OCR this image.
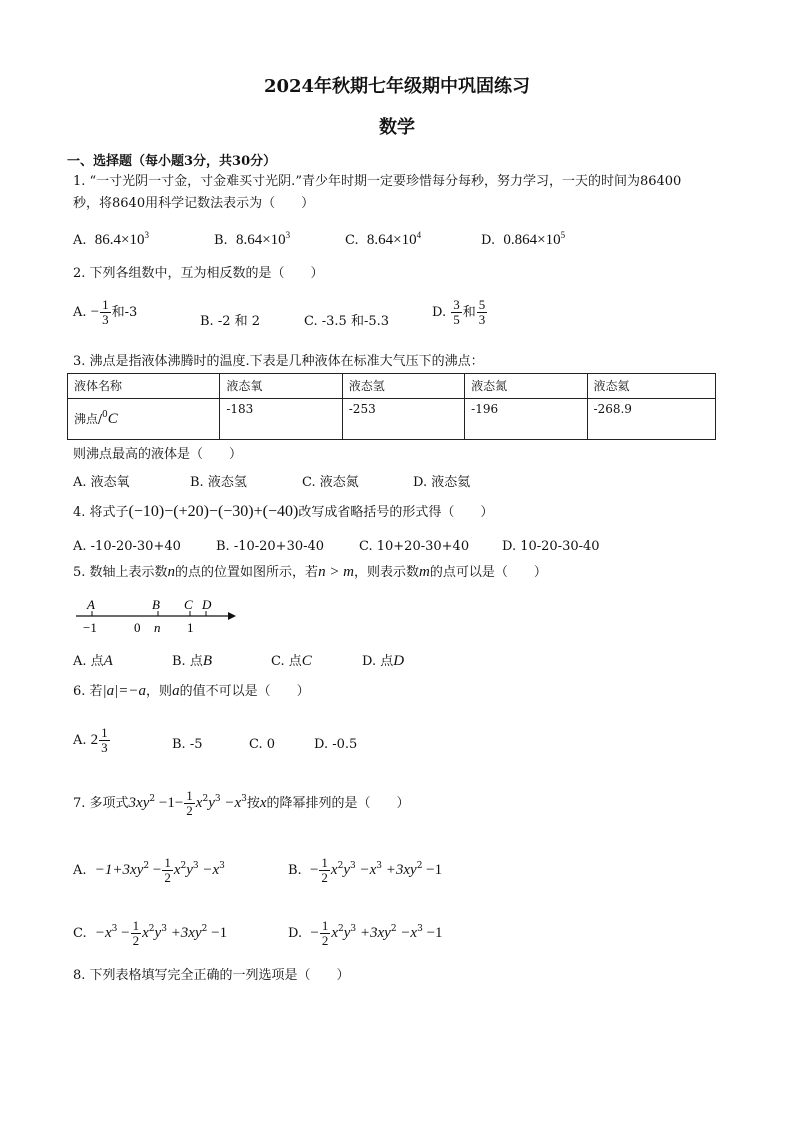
2024年秋期七年级期中巩固练习
数学
一、选择题（每小题3分，共30分）
1. “一寸光阴一寸金，寸金难买寸光阴.”青少年时期一定要珍惜每分每秒，努力学习，一天的时间为86400
秒，将8640用科学记数法表示为（　　）
A. $86.4\times 10^3$	B. $8.64\times 10^3$	C. $8.64\times 10^4$	D. $0.864\times 10^5$
2. 下列各组数中，互为相反数的是（　　）
A. − $\frac{1}{3}$ 和-3
B. -2 和 2	C. -3.5 和-5.3
D. $\frac{3}{5}$ 和 $\frac{5}{3}$
3. 沸点是指液体沸腾时的温度.下表是几种液体在标准大气压下的沸点：
液体名称	液态氧	液态氢	液态氮	液态氦
沸点/$^0$C	-183	-253	-196	-268.9
则沸点最高的液体是（　　）
A. 液态氧	B. 液态氢	C. 液态氮	D. 液态氦
4. 将式子(−10)−(+20)−(−30)+(−40)改写成省略括号的形式得（　　）
A. -10-20-30+40	B. -10-20+30-40	C. 10+20-30+40	D. 10-20-30-40
5. 数轴上表示数n的点的位置如图所示，若n > m，则表示数m的点可以是（　　）
A	B C D
−1	0 n 1
A. 点A	B. 点B	C. 点C	D. 点D
6. 若|a|=−a，则a的值不可以是（　　）
A. $2 \frac{1}{3}$	B. -5	C. 0	D. -0.5
7. 多项式$3xy^2 -1- \frac{1}{2} x^2y^3 -x^3$按x的降幂排列的是（　　）
A. $-1+3xy^2 - \frac{1}{2} x^2y^3 -x^3$	B. − $\frac{1}{2} x^2y^3 -x^3 +3xy^2 -1$
C. $-x^3 - \frac{1}{2} x^2y^3 +3xy^2 -1$	D. − $\frac{1}{2} x^2y^3 +3xy^2 -x^3 -1$
8. 下列表格填写完全正确的一列选项是（　　）
